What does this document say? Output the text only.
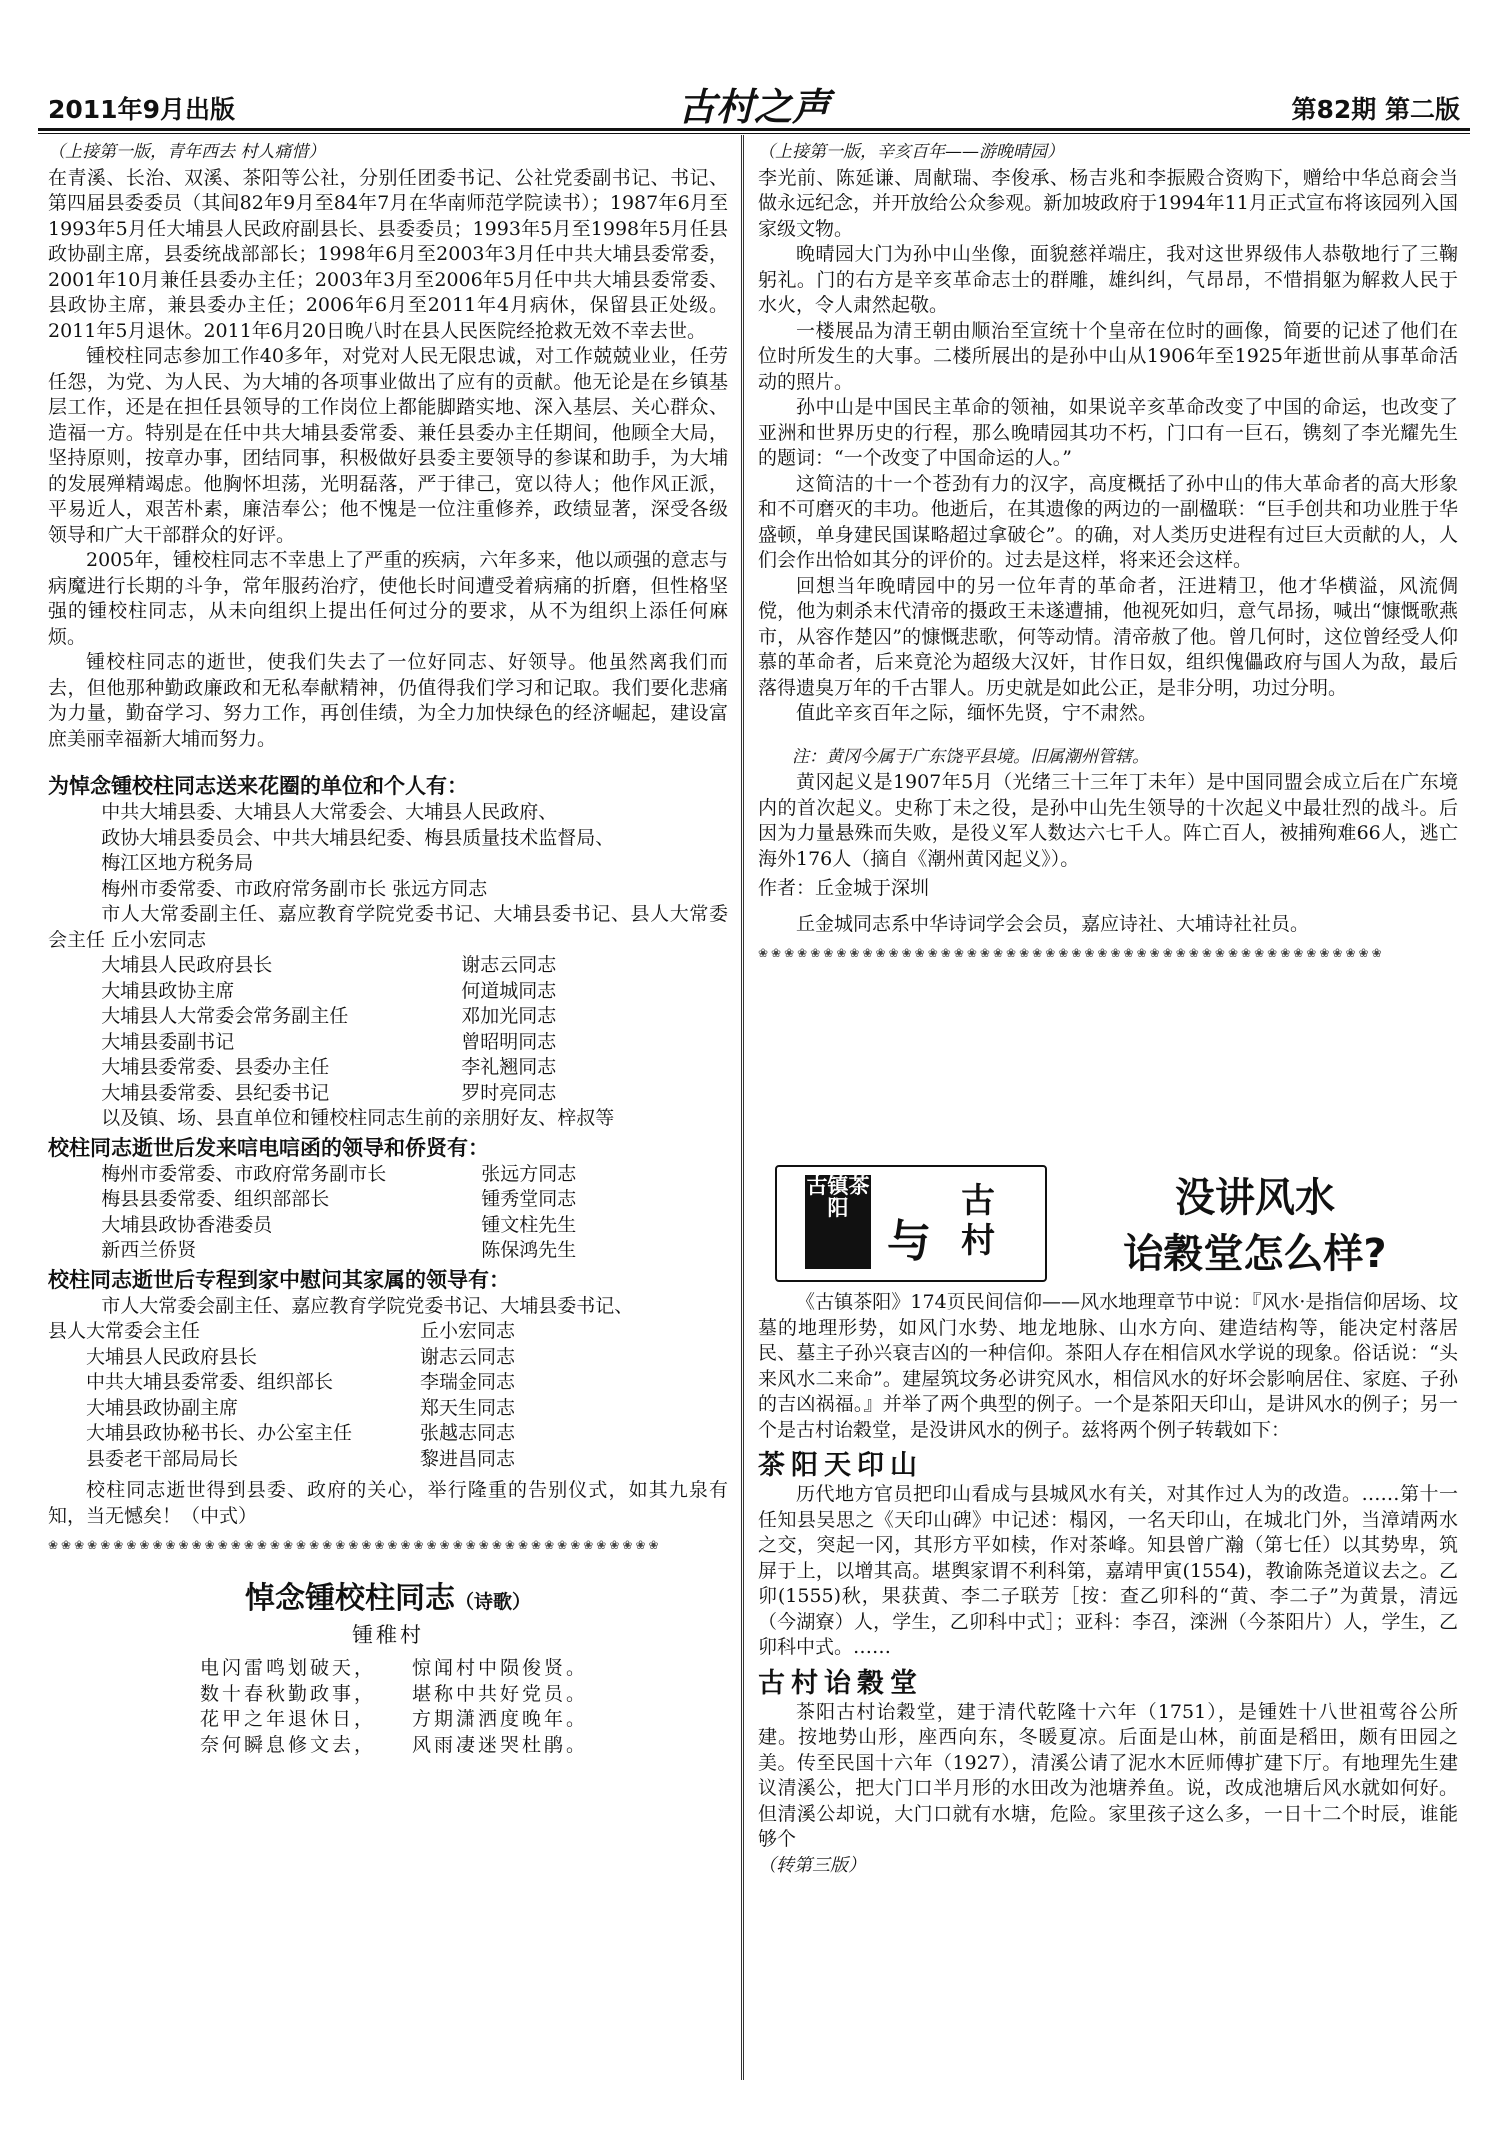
2011年9月出版	古村之声	第82期 第二版

（上接第一版，青年西去 村人痛惜）

在青溪、长治、双溪、茶阳等公社，分别任团委书记、公社党委副书记、书记、第四届县委委员（其间82年9月至84年7月在华南师范学院读书）；1987年6月至1993年5月任大埔县人民政府副县长、县委委员；1993年5月至1998年5月任县政协副主席，县委统战部部长；1998年6月至2003年3月任中共大埔县委常委，2001年10月兼任县委办主任；2003年3月至2006年5月任中共大埔县委常委、县政协主席，兼县委办主任；2006年6月至2011年4月病休，保留县正处级。2011年5月退休。2011年6月20日晚八时在县人民医院经抢救无效不幸去世。

锺校柱同志参加工作40多年，对党对人民无限忠诚，对工作兢兢业业，任劳任怨，为党、为人民、为大埔的各项事业做出了应有的贡献。他无论是在乡镇基层工作，还是在担任县领导的工作岗位上都能脚踏实地、深入基层、关心群众、造福一方。特别是在任中共大埔县委常委、兼任县委办主任期间，他顾全大局，坚持原则，按章办事，团结同事，积极做好县委主要领导的参谋和助手，为大埔的发展殚精竭虑。他胸怀坦荡，光明磊落，严于律己，宽以待人；他作风正派，平易近人，艰苦朴素，廉洁奉公；他不愧是一位注重修养，政绩显著，深受各级领导和广大干部群众的好评。

2005年，锺校柱同志不幸患上了严重的疾病，六年多来，他以顽强的意志与病魔进行长期的斗争，常年服药治疗，使他长时间遭受着病痛的折磨，但性格坚强的锺校柱同志，从未向组织上提出任何过分的要求，从不为组织上添任何麻烦。

锺校柱同志的逝世，使我们失去了一位好同志、好领导。他虽然离我们而去，但他那种勤政廉政和无私奉献精神，仍值得我们学习和记取。我们要化悲痛为力量，勤奋学习、努力工作，再创佳绩，为全力加快绿色的经济崛起，建设富庶美丽幸福新大埔而努力。

为悼念锺校柱同志送来花圈的单位和个人有：

中共大埔县委、大埔县人大常委会、大埔县人民政府、
政协大埔县委员会、中共大埔县纪委、梅县质量技术监督局、
梅江区地方税务局
梅州市委常委、市政府常务副市长 张远方同志

市人大常委副主任、嘉应教育学院党委书记、大埔县委书记、县人大常委会主任 丘小宏同志

大埔县人民政府县长	谢志云同志
大埔县政协主席	何道城同志
大埔县人大常委会常务副主任	邓加光同志
大埔县委副书记	曾昭明同志
大埔县委常委、县委办主任	李礼翘同志
大埔县委常委、县纪委书记	罗时亮同志
以及镇、场、县直单位和锺校柱同志生前的亲朋好友、梓叔等

校柱同志逝世后发来唁电唁函的领导和侨贤有：

梅州市委常委、市政府常务副市长	张远方同志
梅县县委常委、组织部部长	锺秀堂同志
大埔县政协香港委员	锺文柱先生
新西兰侨贤	陈保鸿先生

校柱同志逝世后专程到家中慰问其家属的领导有：

市人大常委会副主任、嘉应教育学院党委书记、大埔县委书记、
县人大常委会主任	丘小宏同志
大埔县人民政府县长	谢志云同志
中共大埔县委常委、组织部长	李瑞金同志
大埔县政协副主席	郑天生同志
大埔县政协秘书长、办公室主任	张越志同志
县委老干部局局长	黎进昌同志

校柱同志逝世得到县委、政府的关心，举行隆重的告别仪式，如其九泉有知，当无憾矣！（中式）

❀❀❀❀❀❀❀❀❀❀❀❀❀❀❀❀❀❀❀❀❀❀❀❀❀❀❀❀❀❀❀❀❀❀❀❀❀❀❀❀❀❀❀❀❀❀❀
悼念锺校柱同志（诗歌）
锺稚村
电闪雷鸣划破天，	惊闻村中陨俊贤。
数十春秋勤政事，	堪称中共好党员。
花甲之年退休日，	方期潇洒度晚年。
奈何瞬息修文去，	风雨凄迷哭杜鹃。

（上接第一版，辛亥百年——游晚晴园）

李光前、陈延谦、周献瑞、李俊承、杨吉兆和李振殿合资购下，赠给中华总商会当做永远纪念，并开放给公众参观。新加坡政府于1994年11月正式宣布将该园列入国家级文物。

晚晴园大门为孙中山坐像，面貌慈祥端庄，我对这世界级伟人恭敬地行了三鞠躬礼。门的右方是辛亥革命志士的群雕，雄纠纠，气昂昂，不惜捐躯为解救人民于水火，令人肃然起敬。

一楼展品为清王朝由顺治至宣统十个皇帝在位时的画像，简要的记述了他们在位时所发生的大事。二楼所展出的是孙中山从1906年至1925年逝世前从事革命活动的照片。

孙中山是中国民主革命的领袖，如果说辛亥革命改变了中国的命运，也改变了亚洲和世界历史的行程，那么晚晴园其功不朽，门口有一巨石，镌刻了李光耀先生的题词：“一个改变了中国命运的人。”

这简洁的十一个苍劲有力的汉字，高度概括了孙中山的伟大革命者的高大形象和不可磨灭的丰功。他逝后，在其遗像的两边的一副楹联：“巨手创共和功业胜于华盛顿，单身建民国谋略超过拿破仑”。的确，对人类历史进程有过巨大贡献的人，人们会作出恰如其分的评价的。过去是这样，将来还会这样。

回想当年晚晴园中的另一位年青的革命者，汪进精卫，他才华横溢，风流倜傥，他为刺杀末代清帝的摄政王未遂遭捕，他视死如归，意气昂扬，喊出“慷慨歌燕市，从容作楚囚”的慷慨悲歌，何等动情。清帝赦了他。曾几何时，这位曾经受人仰慕的革命者，后来竟沦为超级大汉奸，甘作日奴，组织傀儡政府与国人为敌，最后落得遗臭万年的千古罪人。历史就是如此公正，是非分明，功过分明。

值此辛亥百年之际，缅怀先贤，宁不肃然。

注：黄冈今属于广东饶平县境。旧属潮州管辖。

黄冈起义是1907年5月（光绪三十三年丁未年）是中国同盟会成立后在广东境内的首次起义。史称丁未之役，是孙中山先生领导的十次起义中最壮烈的战斗。后因为力量悬殊而失败，是役义军人数达六七千人。阵亡百人，被捕殉难66人，逃亡海外176人（摘自《潮州黄冈起义》）。

作者：丘金城于深圳

丘金城同志系中华诗词学会会员，嘉应诗社、大埔诗社社员。

❀❀❀❀❀❀❀❀❀❀❀❀❀❀❀❀❀❀❀❀❀❀❀❀❀❀❀❀❀❀❀❀❀❀❀❀❀❀❀❀❀❀❀❀❀❀❀❀
古镇茶阳
与
古村
没讲风水
诒穀堂怎么样?

《古镇茶阳》174页民间信仰——风水地理章节中说：『风水·是指信仰居场、坟墓的地理形势，如风门水势、地龙地脉、山水方向、建造结构等，能决定村落居民、墓主子孙兴衰吉凶的一种信仰。茶阳人存在相信风水学说的现象。俗话说：“头来风水二来命”。建屋筑坟务必讲究风水，相信风水的好坏会影响居住、家庭、子孙的吉凶祸福。』并举了两个典型的例子。一个是茶阳天印山，是讲风水的例子；另一个是古村诒穀堂，是没讲风水的例子。兹将两个例子转载如下：

茶阳天印山

历代地方官员把印山看成与县城风水有关，对其作过人为的改造。……第十一任知县吴思之《天印山碑》中记述：榻冈，一名天印山，在城北门外，当漳靖两水之交，突起一冈，其形方平如椟，作对茶峰。知县曾广瀚（第七任）以其势卑，筑屏于上，以增其高。堪舆家谓不利科第，嘉靖甲寅(1554)，教谕陈尧道议去之。乙卯(1555)秋，果获黄、李二子联芳［按：查乙卯科的“黄、李二子”为黄景，清远（今湖寮）人，学生，乙卯科中式］；亚科：李召，滦洲（今茶阳片）人，学生，乙卯科中式。……

古村诒穀堂

茶阳古村诒穀堂，建于清代乾隆十六年（1751），是锺姓十八世祖莺谷公所建。按地势山形，座西向东，冬暖夏凉。后面是山林，前面是稻田，颇有田园之美。传至民国十六年（1927），清溪公请了泥水木匠师傅扩建下厅。有地理先生建议清溪公，把大门口半月形的水田改为池塘养鱼。说，改成池塘后风水就如何好。但清溪公却说，大门口就有水塘，危险。家里孩子这么多，一日十二个时辰，谁能够个

（转第三版）
